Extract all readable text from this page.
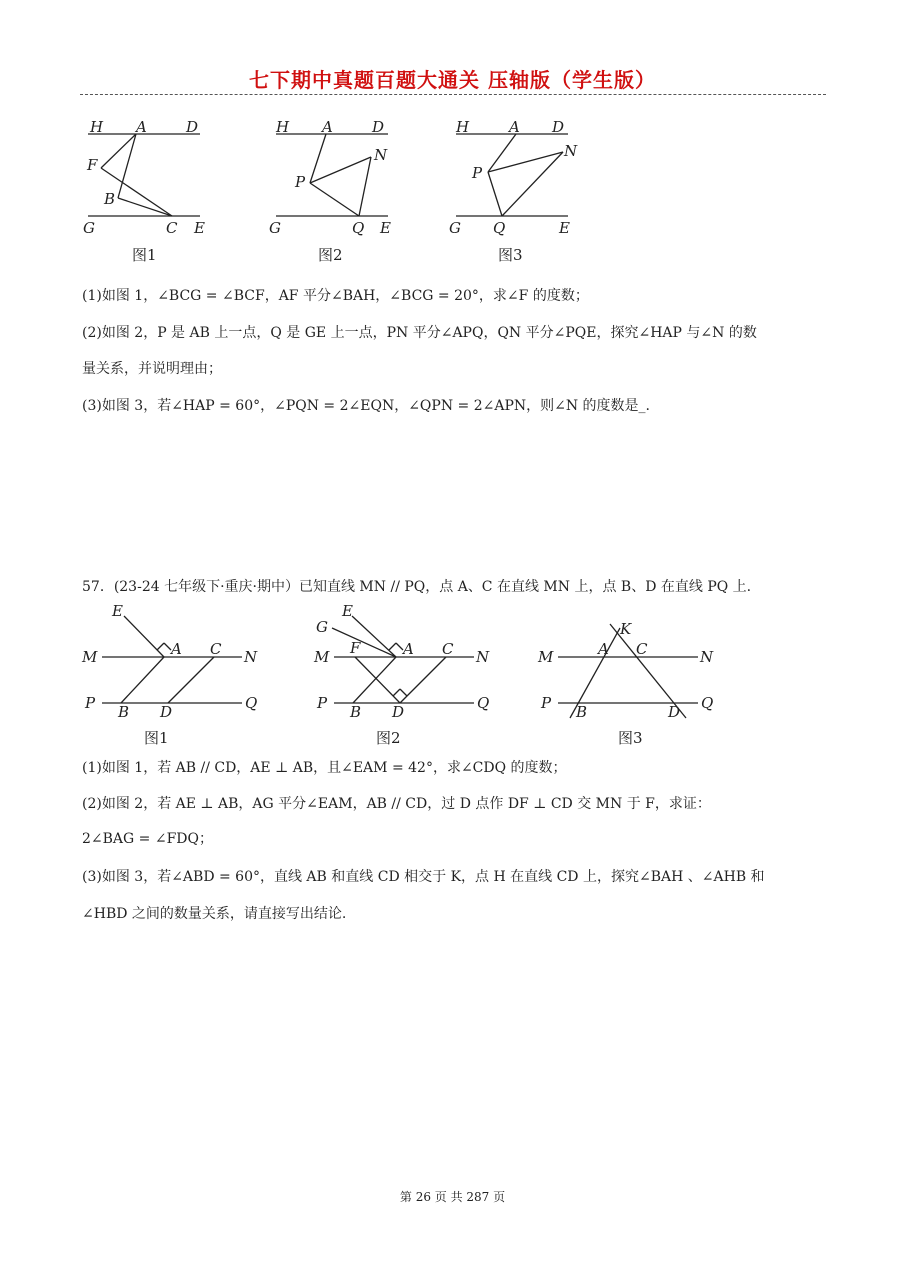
七下期中真题百题大通关 压轴版（学生版）
H A	D
F
B
G	C E
图1
H A	D
N
P
G	Q E
图2
H	A D
N
P
G Q	E
图3
(1)如图 1，∠BCG = ∠BCF，AF 平分∠BAH，∠BCG = 20°，求∠F 的度数；
(2)如图 2，P 是 AB 上一点，Q 是 GE 上一点，PN 平分∠APQ，QN 平分∠PQE，探究∠HAP 与∠N 的数
量关系，并说明理由；
(3)如图 3，若∠HAP = 60°，∠PQN = 2∠EQN，∠QPN = 2∠APN，则∠N 的度数是_.
57．(23-24 七年级下·重庆·期中）已知直线 MN // PQ，点 A、C 在直线 MN 上，点 B、D 在直线 PQ 上.
E
M	A C N
P B D	Q
图1
E
G
M F	A C N
P B D	Q
图2
K
M	A C	N
P B	D Q
图3
(1)如图 1，若 AB // CD，AE ⊥ AB，且∠EAM = 42°，求∠CDQ 的度数；
(2)如图 2，若 AE ⊥ AB，AG 平分∠EAM，AB // CD，过 D 点作 DF ⊥ CD 交 MN 于 F，求证：
2∠BAG = ∠FDQ；
(3)如图 3，若∠ABD = 60°，直线 AB 和直线 CD 相交于 K，点 H 在直线 CD 上，探究∠BAH 、∠AHB 和
∠HBD 之间的数量关系，请直接写出结论.
第 26 页 共 287 页
